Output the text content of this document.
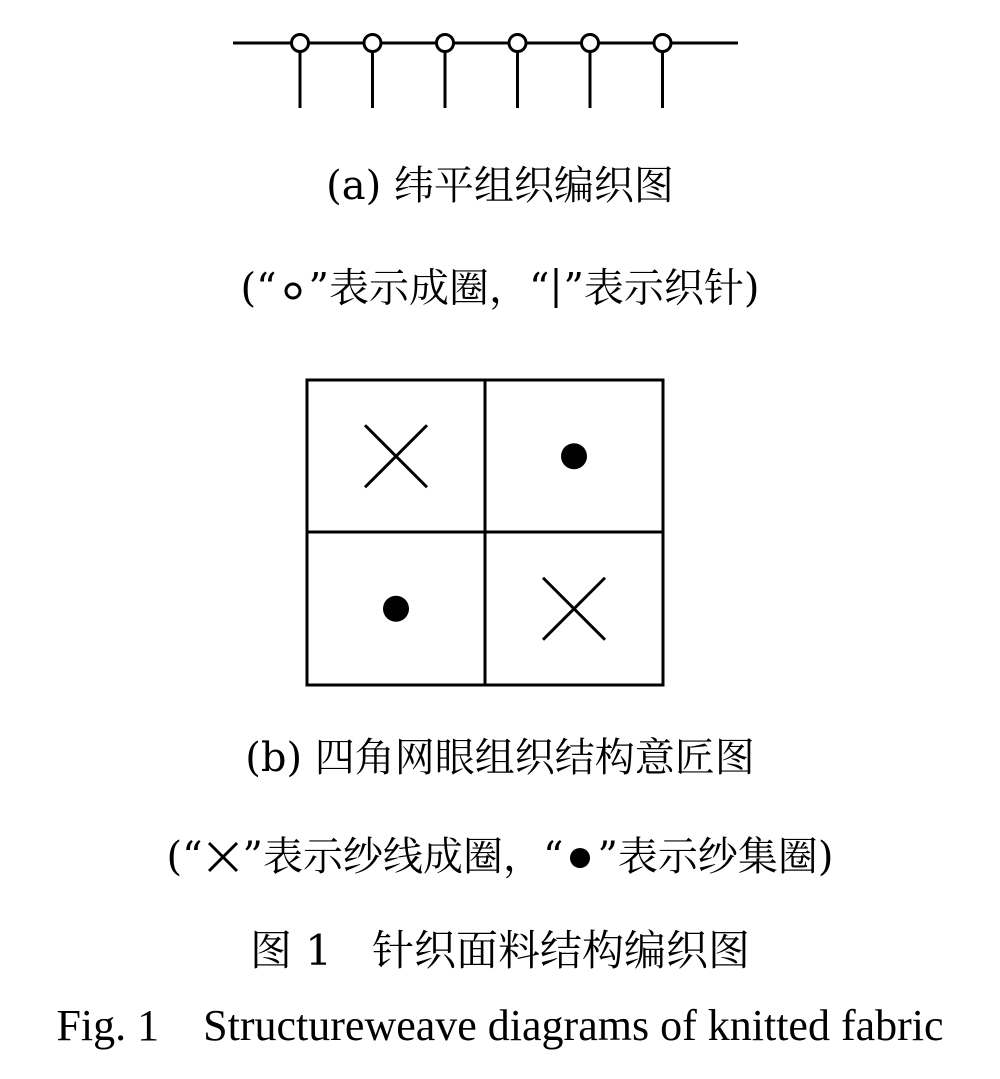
(a) 纬平组织编织图
(“ ”表示成圈，“ ”表示织针)
(b) 四角网眼组织结构意匠图
(“ ”表示纱线成圈，“ ”表示纱集圈)
图 1 针织面料结构编织图
Fig. 1 Structureweave diagrams of knitted fabric
